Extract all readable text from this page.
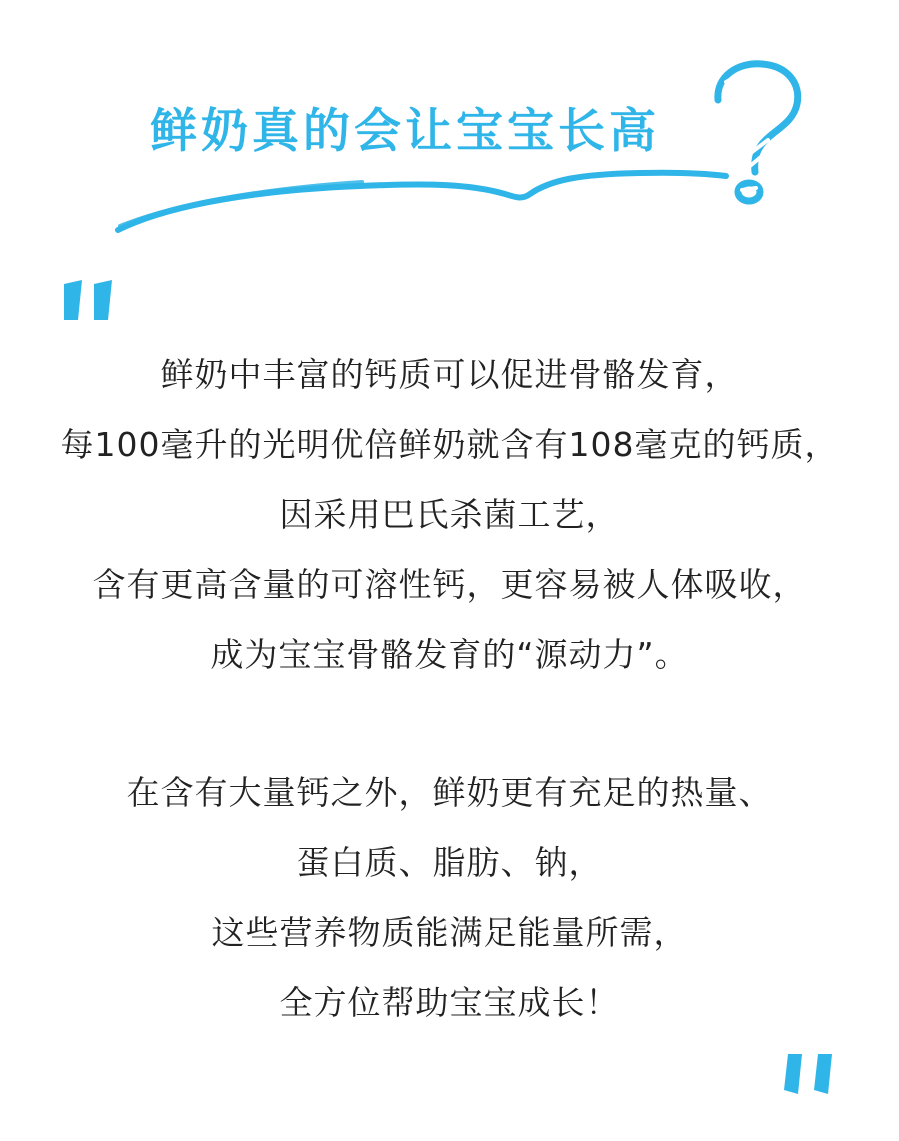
鲜奶真的会让宝宝长高
鲜奶中丰富的钙质可以促进骨骼发育，
每100毫升的光明优倍鲜奶就含有108毫克的钙质，
因采用巴氏杀菌工艺，
含有更高含量的可溶性钙，更容易被人体吸收，
成为宝宝骨骼发育的“源动力”。
在含有大量钙之外，鲜奶更有充足的热量、
蛋白质、脂肪、钠，
这些营养物质能满足能量所需，
全方位帮助宝宝成长！
